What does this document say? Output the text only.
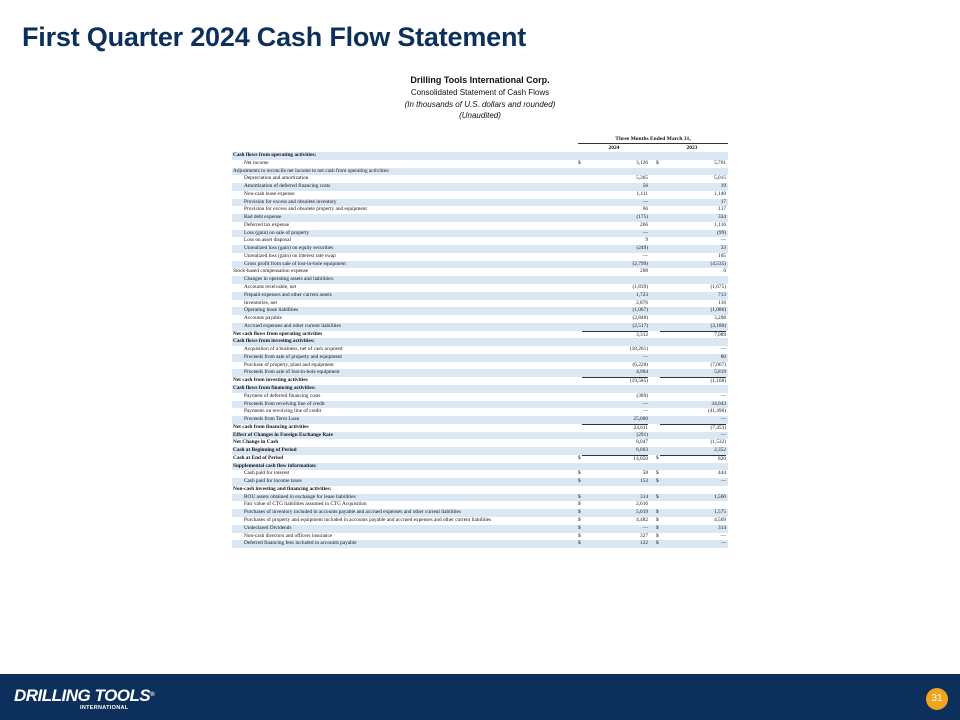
First Quarter 2024 Cash Flow Statement
Drilling Tools International Corp.
Consolidated Statement of Cash Flows
(In thousands of U.S. dollars and rounded)
(Unaudited)
Three Months Ended March 31,
2024	2023
Cash flows from operating activities:
Net income	$	3,126 $	5,701
Adjustments to reconcile net income to net cash from operating activities:
Depreciation and amortization	5,365	5,015
Amortization of deferred financing costs	56	19
Non-cash lease expense	1,111	1,140
Provision for excess and obsolete inventory	—	17
Provision for excess and obsolete property and equipment	66	117
Bad debt expense	(175)	334
Deferred tax expense	266	1,116
Loss (gain) on sale of property	—	(99)
Loss on asset disposal	9	—
Unrealized loss (gain) on equity securities	(249)	33
Unrealized loss (gain) on interest rate swap	—	105
Gross profit from sale of lost-in-hole equipment	(2,799)	(4,535)
Stock-based compensation expense	208	0
Changes in operating assets and liabilities:
Accounts receivable, net	(1,839)	(1,675)
Prepaid expenses and other current assets	1,723	713
Inventories, net	2,876	116
Operating lease liabilities	(1,067)	(1,086)
Accounts payable	(2,848)	3,208
Accrued expenses and other current liabilities	(2,517)	(3,180)
Net cash flows from operating activities	3,312	7,089
Cash flows from investing activities:
Acquisition of a business, net of cash acquired	(18,261)	—
Proceeds from sale of property and equipment	—	80
Purchase of property, plant and equipment	(6,228)	(7,067)
Proceeds from sale of lost-in-hole equipment	4,904	5,819
Net cash from investing activities	(19,585)	(1,168)
Cash flows from financing activities:
Payment of deferred financing costs	(389)	—
Proceeds from revolving line of credit	—	34,043
Payments on revolving line of credit	—	(41,496)
Proceeds from Term Loan	25,000	—
Net cash from financing activities	24,611	(7,453)
Effect of Changes in Foreign Exchange Rate	(291)	—
Net Change in Cash	8,047	(1,532)
Cash at Beginning of Period	6,003	2,352
Cash at End of Period	$	14,050 $	820
Supplemental cash flow information:
Cash paid for interest	$	58 $	444
Cash paid for income taxes	$	153 $	—
Non-cash investing and financing activities:
ROU assets obtained in exchange for lease liabilities	$	314 $	1,560
Fair value of CTG liabilities assumed in CTG Acquisition	$	2,616
Purchases of inventory included in accounts payable and accrued expenses and other current liabilities	$	5,019 $	1,575
Purchases of property and equipment included in accounts payable and accrued expenses and other current liabilities	$	4,482 $	4,569
Undeclared Dividends	$	— $	314
Non-cash directors and officers insurance	$	327 $	—
Deferred financing fees included in accounts payable	$	122 $	—
DRILLING TOOLS®
INTERNATIONAL
31
